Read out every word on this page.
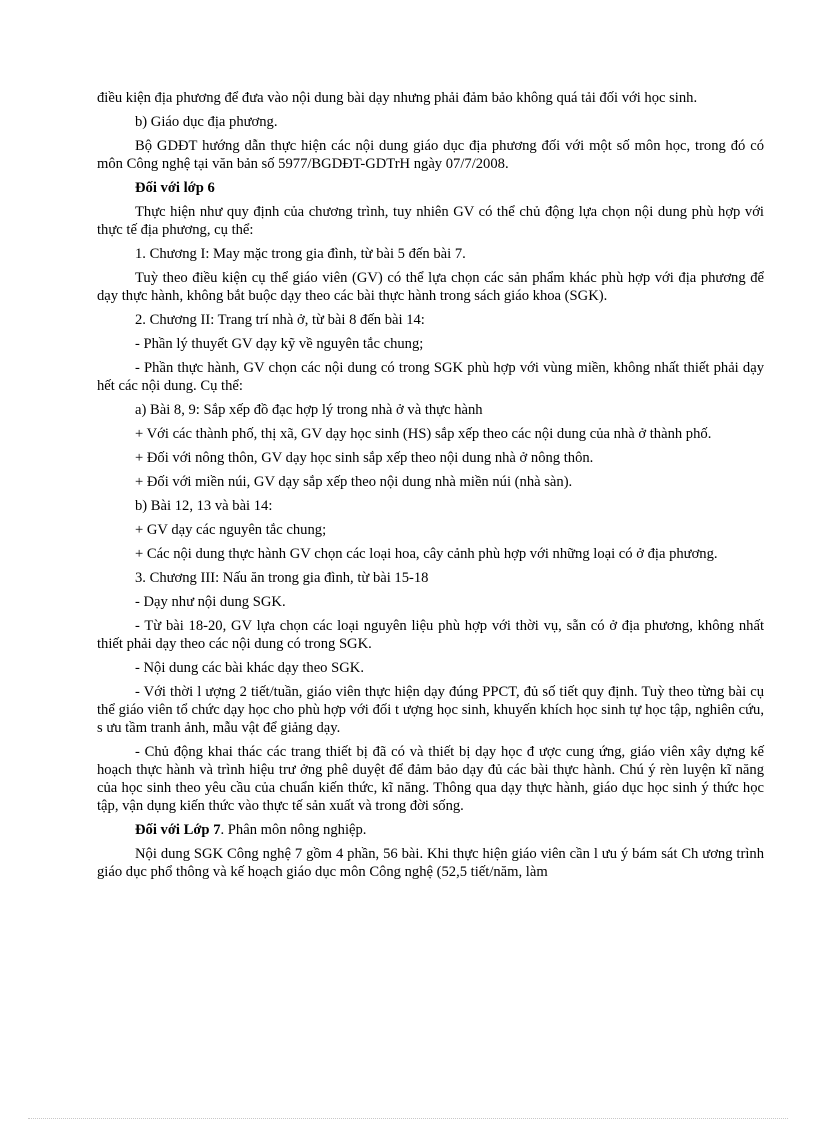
điều kiện địa phương để đưa vào nội dung bài dạy nhưng phải đảm bảo không quá tải đối với học sinh.

b) Giáo dục địa phương.

Bộ GDĐT hướng dẫn thực hiện các nội dung giáo dục địa phương đối với một số môn học, trong đó có môn Công nghệ tại văn bản số 5977/BGDĐT-GDTrH ngày 07/7/2008.

Đối với lớp 6

Thực hiện như quy định của chương trình, tuy nhiên GV có thể chủ động lựa chọn nội dung phù hợp với thực tế địa phương, cụ thể:

1. Chương I: May mặc trong gia đình, từ bài 5 đến bài 7.

Tuỳ theo điều kiện cụ thể giáo viên (GV) có thể lựa chọn các sản phẩm khác phù hợp với địa phương để dạy thực hành, không bắt buộc dạy theo các bài thực hành trong sách giáo khoa (SGK).

2. Chương II: Trang trí nhà ở, từ bài 8 đến bài 14:

- Phần lý thuyết GV dạy kỹ về nguyên tắc chung;

- Phần thực hành, GV chọn các nội dung có trong SGK phù hợp với vùng miền, không nhất thiết phải dạy hết các nội dung. Cụ thể:

a) Bài 8, 9: Sắp xếp đồ đạc hợp lý trong nhà ở và thực hành

+ Với các thành phố, thị xã, GV dạy học sinh (HS) sắp xếp theo các nội dung của nhà ở thành phố.

+ Đối với nông thôn, GV dạy học sinh sắp xếp theo nội dung nhà ở nông thôn.

+ Đối với miền núi, GV dạy sắp xếp theo nội dung nhà miền núi (nhà sàn).

b) Bài 12, 13 và bài 14:

+ GV dạy các nguyên tắc chung;

+ Các nội dung thực hành GV chọn các loại hoa, cây cảnh phù hợp với những loại có ở địa phương.

3. Chương III: Nấu ăn trong gia đình, từ bài 15-18

- Dạy như nội dung SGK.

- Từ bài 18-20, GV lựa chọn các loại nguyên liệu phù hợp với thời vụ, sẵn có ở địa phương, không nhất thiết phải dạy theo các nội dung có trong SGK.

- Nội dung các bài khác dạy theo SGK.

- Với thời l ượng 2 tiết/tuần, giáo viên thực hiện dạy đúng PPCT, đủ số tiết quy định. Tuỳ theo từng bài cụ thể giáo viên tổ chức dạy học cho phù hợp với đối t ượng học sinh, khuyến khích học sinh tự học tập, nghiên cứu, s ưu tầm tranh ảnh, mẫu vật để giảng dạy.

- Chủ động khai thác các trang thiết bị đã có và thiết bị dạy học đ ược cung ứng, giáo viên xây dựng kế hoạch thực hành và trình hiệu trư ởng phê duyệt để đảm bảo dạy đủ các bài thực hành. Chú ý rèn luyện kĩ năng của học sinh theo yêu cầu của chuẩn kiến thức, kĩ năng. Thông qua dạy thực hành, giáo dục học sinh ý thức học tập, vận dụng kiến thức vào thực tế sản xuất và trong đời sống.

Đối với Lớp 7. Phân môn nông nghiệp.

Nội dung SGK Công nghệ 7 gồm 4 phần, 56 bài. Khi thực hiện giáo viên cần l ưu ý bám sát Ch ương trình giáo dục phổ thông và kế hoạch giáo dục môn Công nghệ (52,5 tiết/năm, làm
